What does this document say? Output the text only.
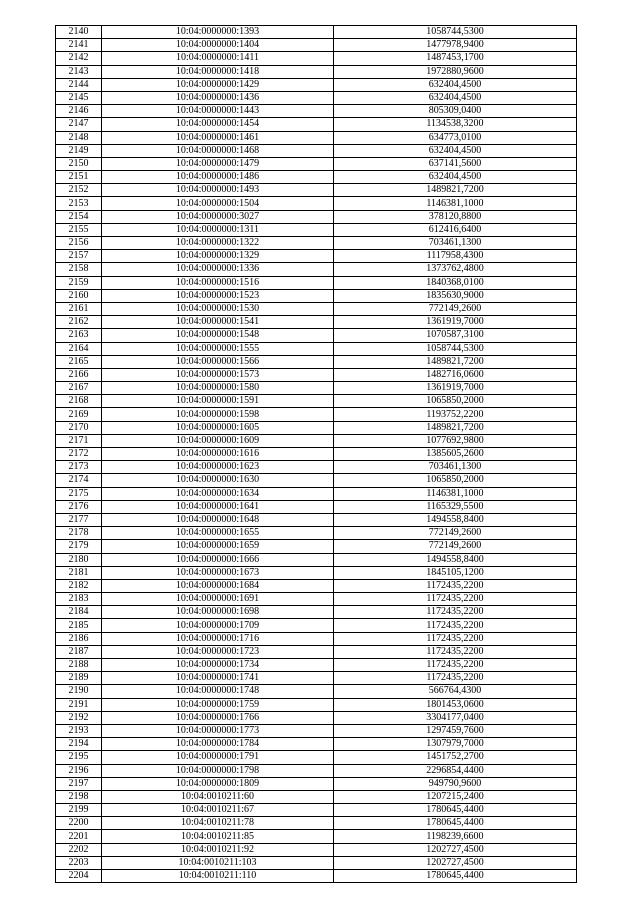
2140	10:04:0000000:1393	1058744,5300
2141	10:04:0000000:1404	1477978,9400
2142	10:04:0000000:1411	1487453,1700
2143	10:04:0000000:1418	1972880,9600
2144	10:04:0000000:1429	632404,4500
2145	10:04:0000000:1436	632404,4500
2146	10:04:0000000:1443	805309,0400
2147	10:04:0000000:1454	1134538,3200
2148	10:04:0000000:1461	634773,0100
2149	10:04:0000000:1468	632404,4500
2150	10:04:0000000:1479	637141,5600
2151	10:04:0000000:1486	632404,4500
2152	10:04:0000000:1493	1489821,7200
2153	10:04:0000000:1504	1146381,1000
2154	10:04:0000000:3027	378120,8800
2155	10:04:0000000:1311	612416,6400
2156	10:04:0000000:1322	703461,1300
2157	10:04:0000000:1329	1117958,4300
2158	10:04:0000000:1336	1373762,4800
2159	10:04:0000000:1516	1840368,0100
2160	10:04:0000000:1523	1835630,9000
2161	10:04:0000000:1530	772149,2600
2162	10:04:0000000:1541	1361919,7000
2163	10:04:0000000:1548	1070587,3100
2164	10:04:0000000:1555	1058744,5300
2165	10:04:0000000:1566	1489821,7200
2166	10:04:0000000:1573	1482716,0600
2167	10:04:0000000:1580	1361919,7000
2168	10:04:0000000:1591	1065850,2000
2169	10:04:0000000:1598	1193752,2200
2170	10:04:0000000:1605	1489821,7200
2171	10:04:0000000:1609	1077692,9800
2172	10:04:0000000:1616	1385605,2600
2173	10:04:0000000:1623	703461,1300
2174	10:04:0000000:1630	1065850,2000
2175	10:04:0000000:1634	1146381,1000
2176	10:04:0000000:1641	1165329,5500
2177	10:04:0000000:1648	1494558,8400
2178	10:04:0000000:1655	772149,2600
2179	10:04:0000000:1659	772149,2600
2180	10:04:0000000:1666	1494558,8400
2181	10:04:0000000:1673	1845105,1200
2182	10:04:0000000:1684	1172435,2200
2183	10:04:0000000:1691	1172435,2200
2184	10:04:0000000:1698	1172435,2200
2185	10:04:0000000:1709	1172435,2200
2186	10:04:0000000:1716	1172435,2200
2187	10:04:0000000:1723	1172435,2200
2188	10:04:0000000:1734	1172435,2200
2189	10:04:0000000:1741	1172435,2200
2190	10:04:0000000:1748	566764,4300
2191	10:04:0000000:1759	1801453,0600
2192	10:04:0000000:1766	3304177,0400
2193	10:04:0000000:1773	1297459,7600
2194	10:04:0000000:1784	1307979,7000
2195	10:04:0000000:1791	1451752,2700
2196	10:04:0000000:1798	2296854,4400
2197	10:04:0000000:1809	949790,9600
2198	10:04:0010211:60	1207215,2400
2199	10:04:0010211:67	1780645,4400
2200	10:04:0010211:78	1780645,4400
2201	10:04:0010211:85	1198239,6600
2202	10:04:0010211:92	1202727,4500
2203	10:04:0010211:103	1202727,4500
2204	10:04:0010211:110	1780645,4400
